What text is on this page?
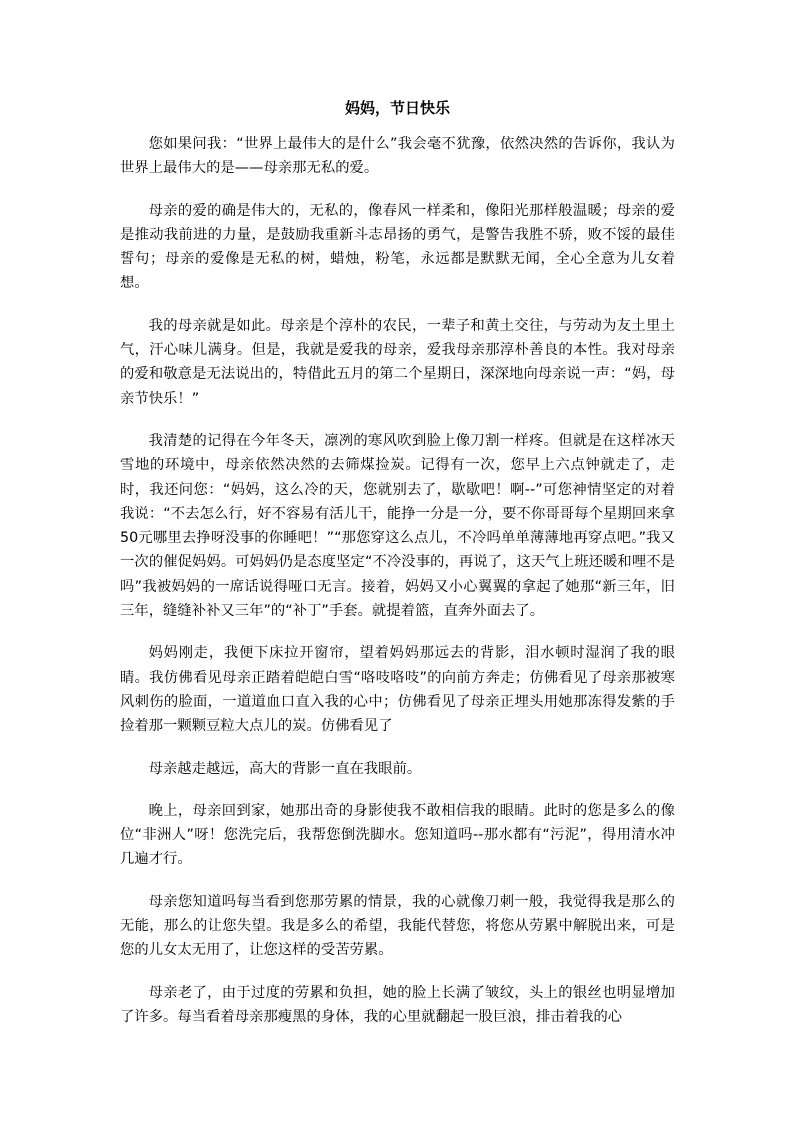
妈妈，节日快乐

您如果问我：“世界上最伟大的是什么”我会毫不犹豫，依然决然的告诉你，我认为世界上最伟大的是——母亲那无私的爱。

母亲的爱的确是伟大的，无私的，像春风一样柔和，像阳光那样般温暖；母亲的爱是推动我前进的力量，是鼓励我重新斗志昂扬的勇气，是警告我胜不骄，败不馁的最佳誓句；母亲的爱像是无私的树，蜡烛，粉笔，永远都是默默无闻，全心全意为儿女着想。

我的母亲就是如此。母亲是个淳朴的农民，一辈子和黄土交往，与劳动为友土里土气，汗心味儿满身。但是，我就是爱我的母亲，爱我母亲那淳朴善良的本性。我对母亲的爱和敬意是无法说出的，特借此五月的第二个星期日，深深地向母亲说一声：“妈，母亲节快乐！”

我清楚的记得在今年冬天，凛冽的寒风吹到脸上像刀割一样疼。但就是在这样冰天雪地的环境中，母亲依然决然的去筛煤捡炭。记得有一次，您早上六点钟就走了，走时，我还问您：“妈妈，这么冷的天，您就别去了，歇歇吧！啊--”可您神情坚定的对着我说：“不去怎么行，好不容易有活儿干，能挣一分是一分，要不你哥哥每个星期回来拿50元哪里去挣呀没事的你睡吧！”“那您穿这么点儿，不冷吗单单薄薄地再穿点吧。”我又一次的催促妈妈。可妈妈仍是态度坚定“不冷没事的，再说了，这天气上班还暖和哩不是吗”我被妈妈的一席话说得哑口无言。接着，妈妈又小心翼翼的拿起了她那“新三年，旧三年，缝缝补补又三年”的“补丁”手套。就提着篮，直奔外面去了。

妈妈刚走，我便下床拉开窗帘，望着妈妈那远去的背影，泪水顿时湿润了我的眼睛。我仿佛看见母亲正踏着皑皑白雪“咯吱咯吱”的向前方奔走；仿佛看见了母亲那被寒风刺伤的脸面，一道道血口直入我的心中；仿佛看见了母亲正埋头用她那冻得发紫的手捡着那一颗颗豆粒大点儿的炭。仿佛看见了

母亲越走越远，高大的背影一直在我眼前。

晚上，母亲回到家，她那出奇的身影使我不敢相信我的眼睛。此时的您是多么的像位“非洲人”呀！您洗完后，我帮您倒洗脚水。您知道吗--那水都有“污泥”，得用清水冲几遍才行。

母亲您知道吗每当看到您那劳累的情景，我的心就像刀刺一般，我觉得我是那么的无能，那么的让您失望。我是多么的希望，我能代替您，将您从劳累中解脱出来，可是您的儿女太无用了，让您这样的受苦劳累。

母亲老了，由于过度的劳累和负担，她的脸上长满了皱纹，头上的银丝也明显增加了许多。每当看着母亲那瘦黑的身体，我的心里就翻起一股巨浪，排击着我的心
